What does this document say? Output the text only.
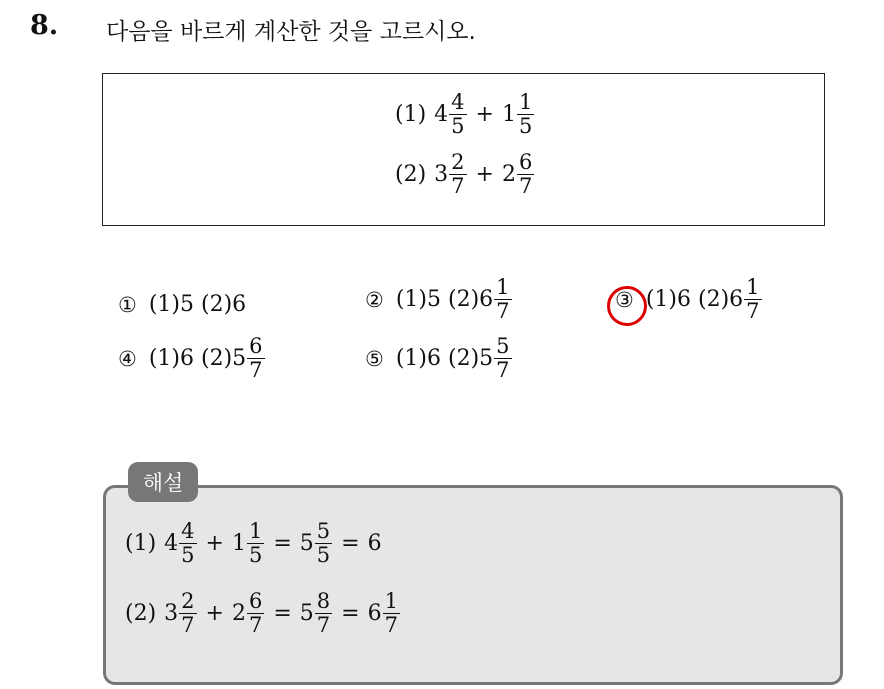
8. 다음을 바르게 계산한 것을 고르시오.
(1) $4 \frac{4}{5} + 1 \frac{1}{5}$
(2) $3 \frac{2}{7} + 2 \frac{6}{7}$
① (1)5
(2)6	② (1)5
$(2)6 \frac{1}{7}$	③ (1)6
$(2)6 \frac{1}{7}$
④ (1)6
$(2)5 \frac{6}{7}$	⑤ (1)6
$(2)5 \frac{5}{7}$
해설
(1) $4 \frac{4}{5} + 1 \frac{1}{5} = 5 \frac{5}{5} = 6$
(2) $3 \frac{2}{7} + 2 \frac{6}{7} = 5 \frac{8}{7} = 6 \frac{1}{7}$
